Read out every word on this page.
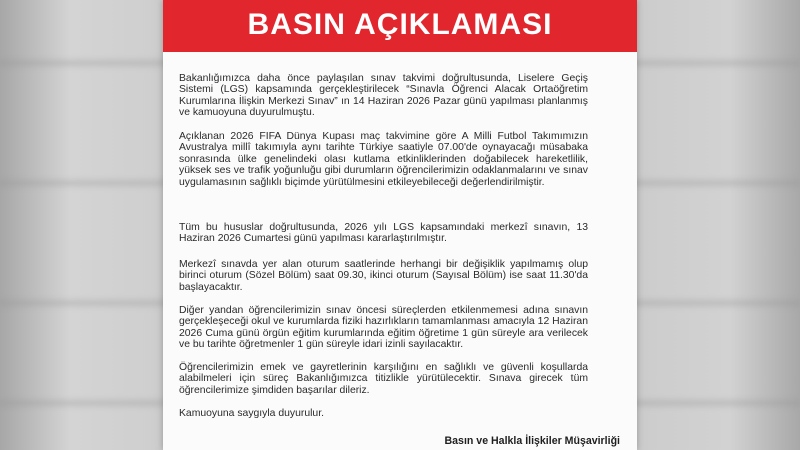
BASIN AÇIKLAMASI

Bakanlığımızca daha önce paylaşılan sınav takvimi doğrultusunda, Liselere Geçiş Sistemi (LGS) kapsamında gerçekleştirilecek “Sınavla Öğrenci Alacak Ortaöğretim Kurumlarına İlişkin Merkezi Sınav” ın 14 Haziran 2026 Pazar günü yapılması planlanmış ve kamuoyuna duyurulmuştu.

Açıklanan 2026 FIFA Dünya Kupası maç takvimine göre A Milli Futbol Takımımızın Avustralya millî takımıyla aynı tarihte Türkiye saatiyle 07.00'de oynayacağı müsabaka sonrasında ülke genelindeki olası kutlama etkinliklerinden doğabilecek hareketlilik, yüksek ses ve trafik yoğunluğu gibi durumların öğrencilerimizin odaklanmalarını ve sınav uygulamasının sağlıklı biçimde yürütülmesini etkileyebileceği değerlendirilmiştir.

Tüm bu hususlar doğrultusunda, 2026 yılı LGS kapsamındaki merkezî sınavın, 13 Haziran 2026 Cumartesi günü yapılması kararlaştırılmıştır.

Merkezî sınavda yer alan oturum saatlerinde herhangi bir değişiklik yapılmamış olup birinci oturum (Sözel Bölüm) saat 09.30, ikinci oturum (Sayısal Bölüm) ise saat 11.30'da başlayacaktır.

Diğer yandan öğrencilerimizin sınav öncesi süreçlerden etkilenmemesi adına sınavın gerçekleşeceği okul ve kurumlarda fiziki hazırlıkların tamamlanması amacıyla 12 Haziran 2026 Cuma günü örgün eğitim kurumlarında eğitim öğretime 1 gün süreyle ara verilecek ve bu tarihte öğretmenler 1 gün süreyle idari izinli sayılacaktır.

Öğrencilerimizin emek ve gayretlerinin karşılığını en sağlıklı ve güvenli koşullarda alabilmeleri için süreç Bakanlığımızca titizlikle yürütülecektir. Sınava girecek tüm öğrencilerimize şimdiden başarılar dileriz.

Kamuoyuna saygıyla duyurulur.

Basın ve Halkla İlişkiler Müşavirliği
